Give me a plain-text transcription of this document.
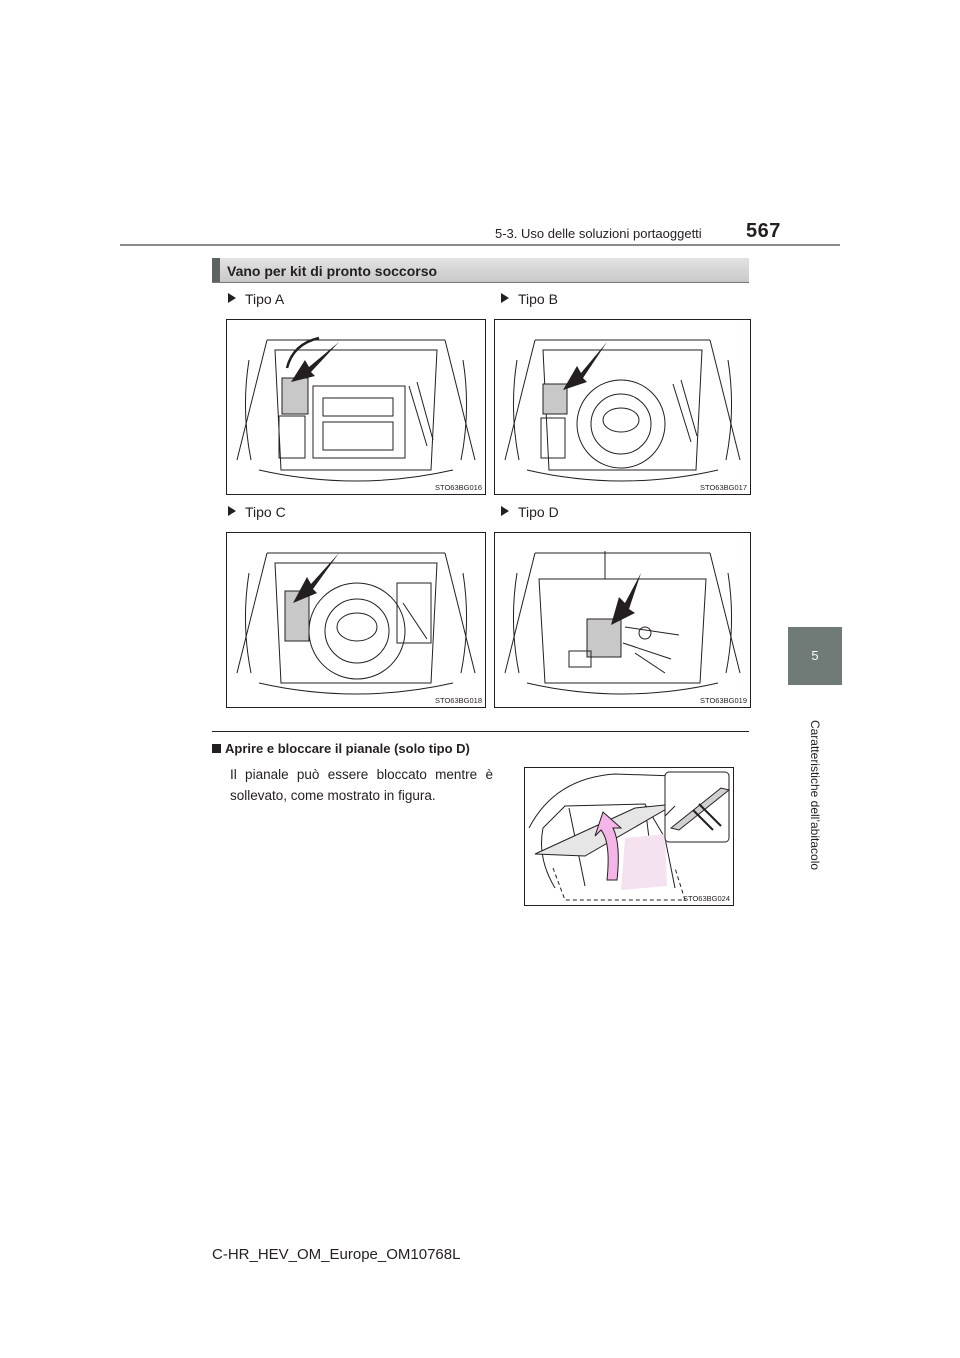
5-3. Uso delle soluzioni portaoggetti 567
5
Caratteristiche dell’abitacolo
Vano per kit di pronto soccorso
Tipo A	Tipo B
Tipo C	Tipo D
STO63BG016	STO63BG017
STO63BG018	STO63BG019
Aprire e bloccare il pianale (solo tipo D)
Il pianale può essere bloccato mentre è sollevato, come mostrato in figura.
STO63BG024
C-HR_HEV_OM_Europe_OM10768L
